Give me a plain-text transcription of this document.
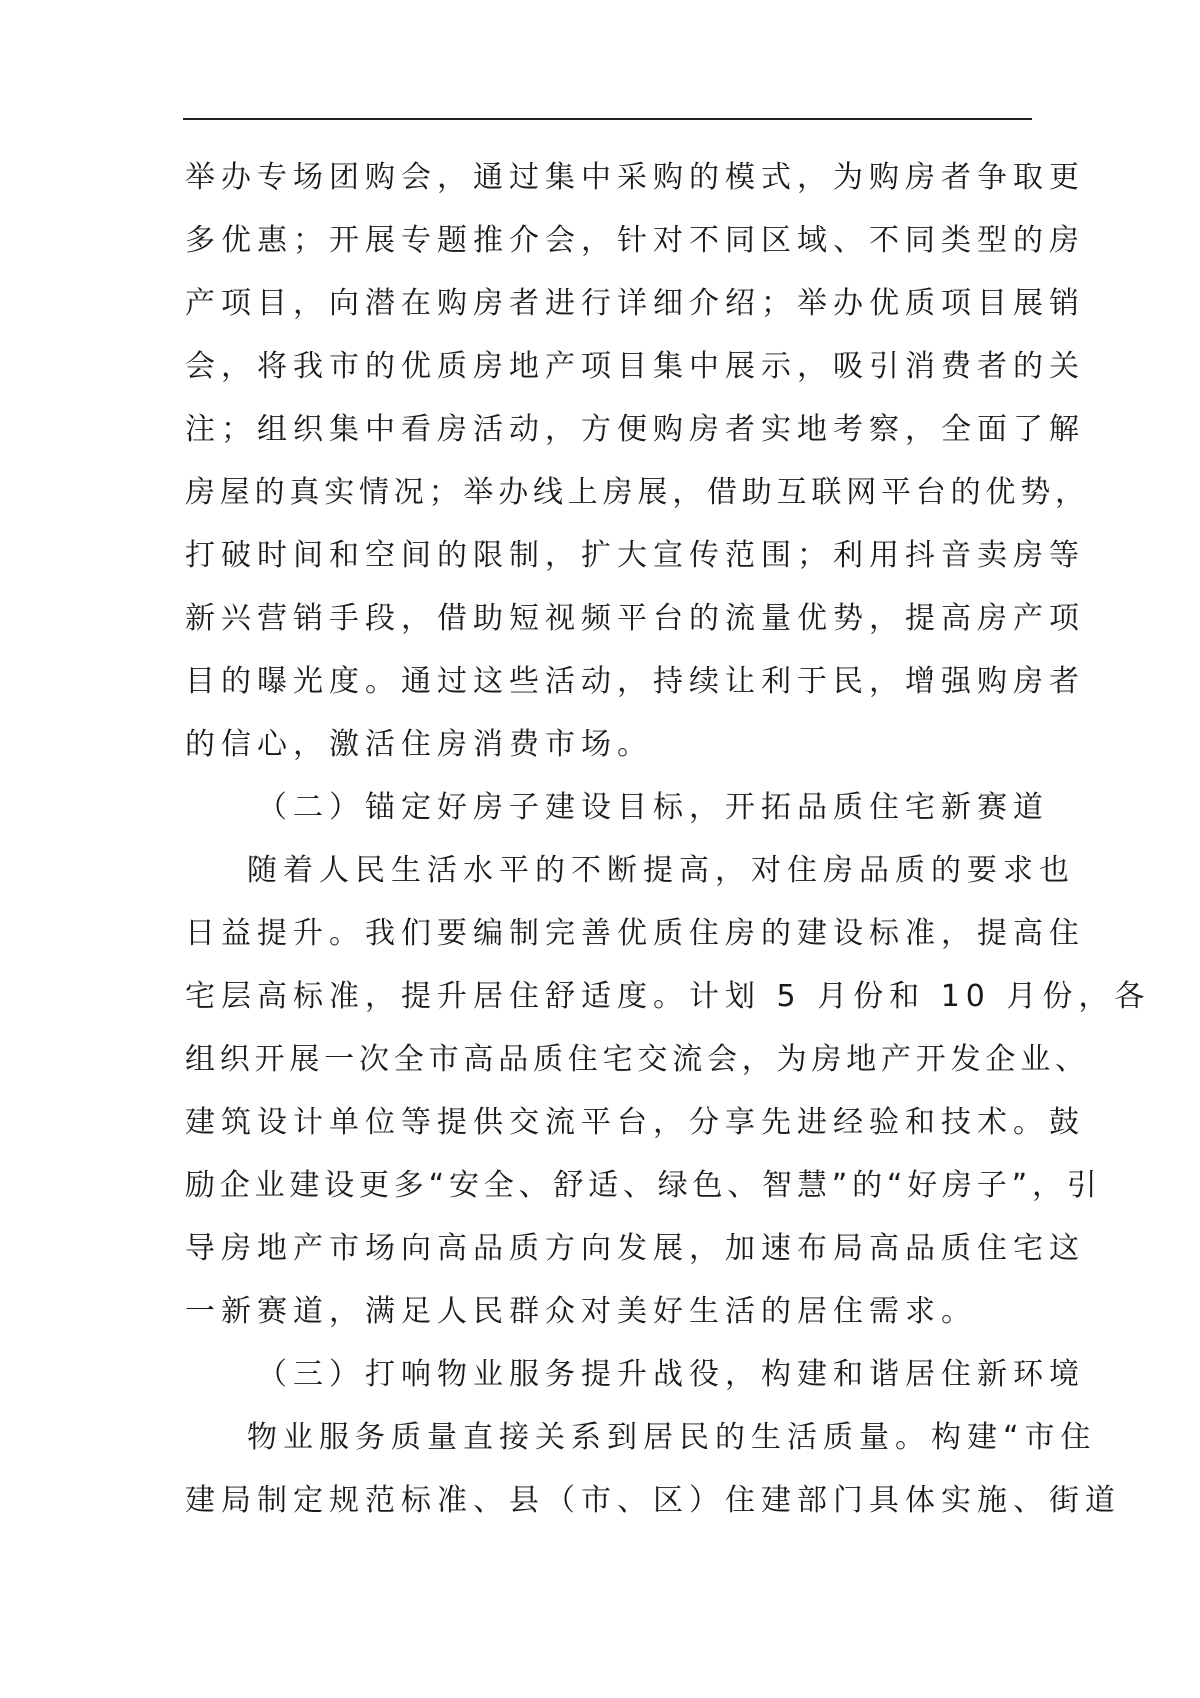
举办专场团购会，通过集中采购的模式，为购房者争取更
多优惠；开展专题推介会，针对不同区域、不同类型的房
产项目，向潜在购房者进行详细介绍；举办优质项目展销
会，将我市的优质房地产项目集中展示，吸引消费者的关
注；组织集中看房活动，方便购房者实地考察，全面了解
房屋的真实情况；举办线上房展，借助互联网平台的优势，
打破时间和空间的限制，扩大宣传范围；利用抖音卖房等
新兴营销手段，借助短视频平台的流量优势，提高房产项
目的曝光度。通过这些活动，持续让利于民，增强购房者
的信心，激活住房消费市场。
（二）锚定好房子建设目标，开拓品质住宅新赛道
随着人民生活水平的不断提高，对住房品质的要求也
日益提升。我们要编制完善优质住房的建设标准，提高住
宅层高标准，提升居住舒适度。计划 5 月份和 10 月份，各
组织开展一次全市高品质住宅交流会，为房地产开发企业、
建筑设计单位等提供交流平台，分享先进经验和技术。鼓
励企业建设更多“安全、舒适、绿色、智慧”的“好房子”，引
导房地产市场向高品质方向发展，加速布局高品质住宅这
一新赛道，满足人民群众对美好生活的居住需求。
（三）打响物业服务提升战役，构建和谐居住新环境
物业服务质量直接关系到居民的生活质量。构建“市住
建局制定规范标准、县（市、区）住建部门具体实施、街道
